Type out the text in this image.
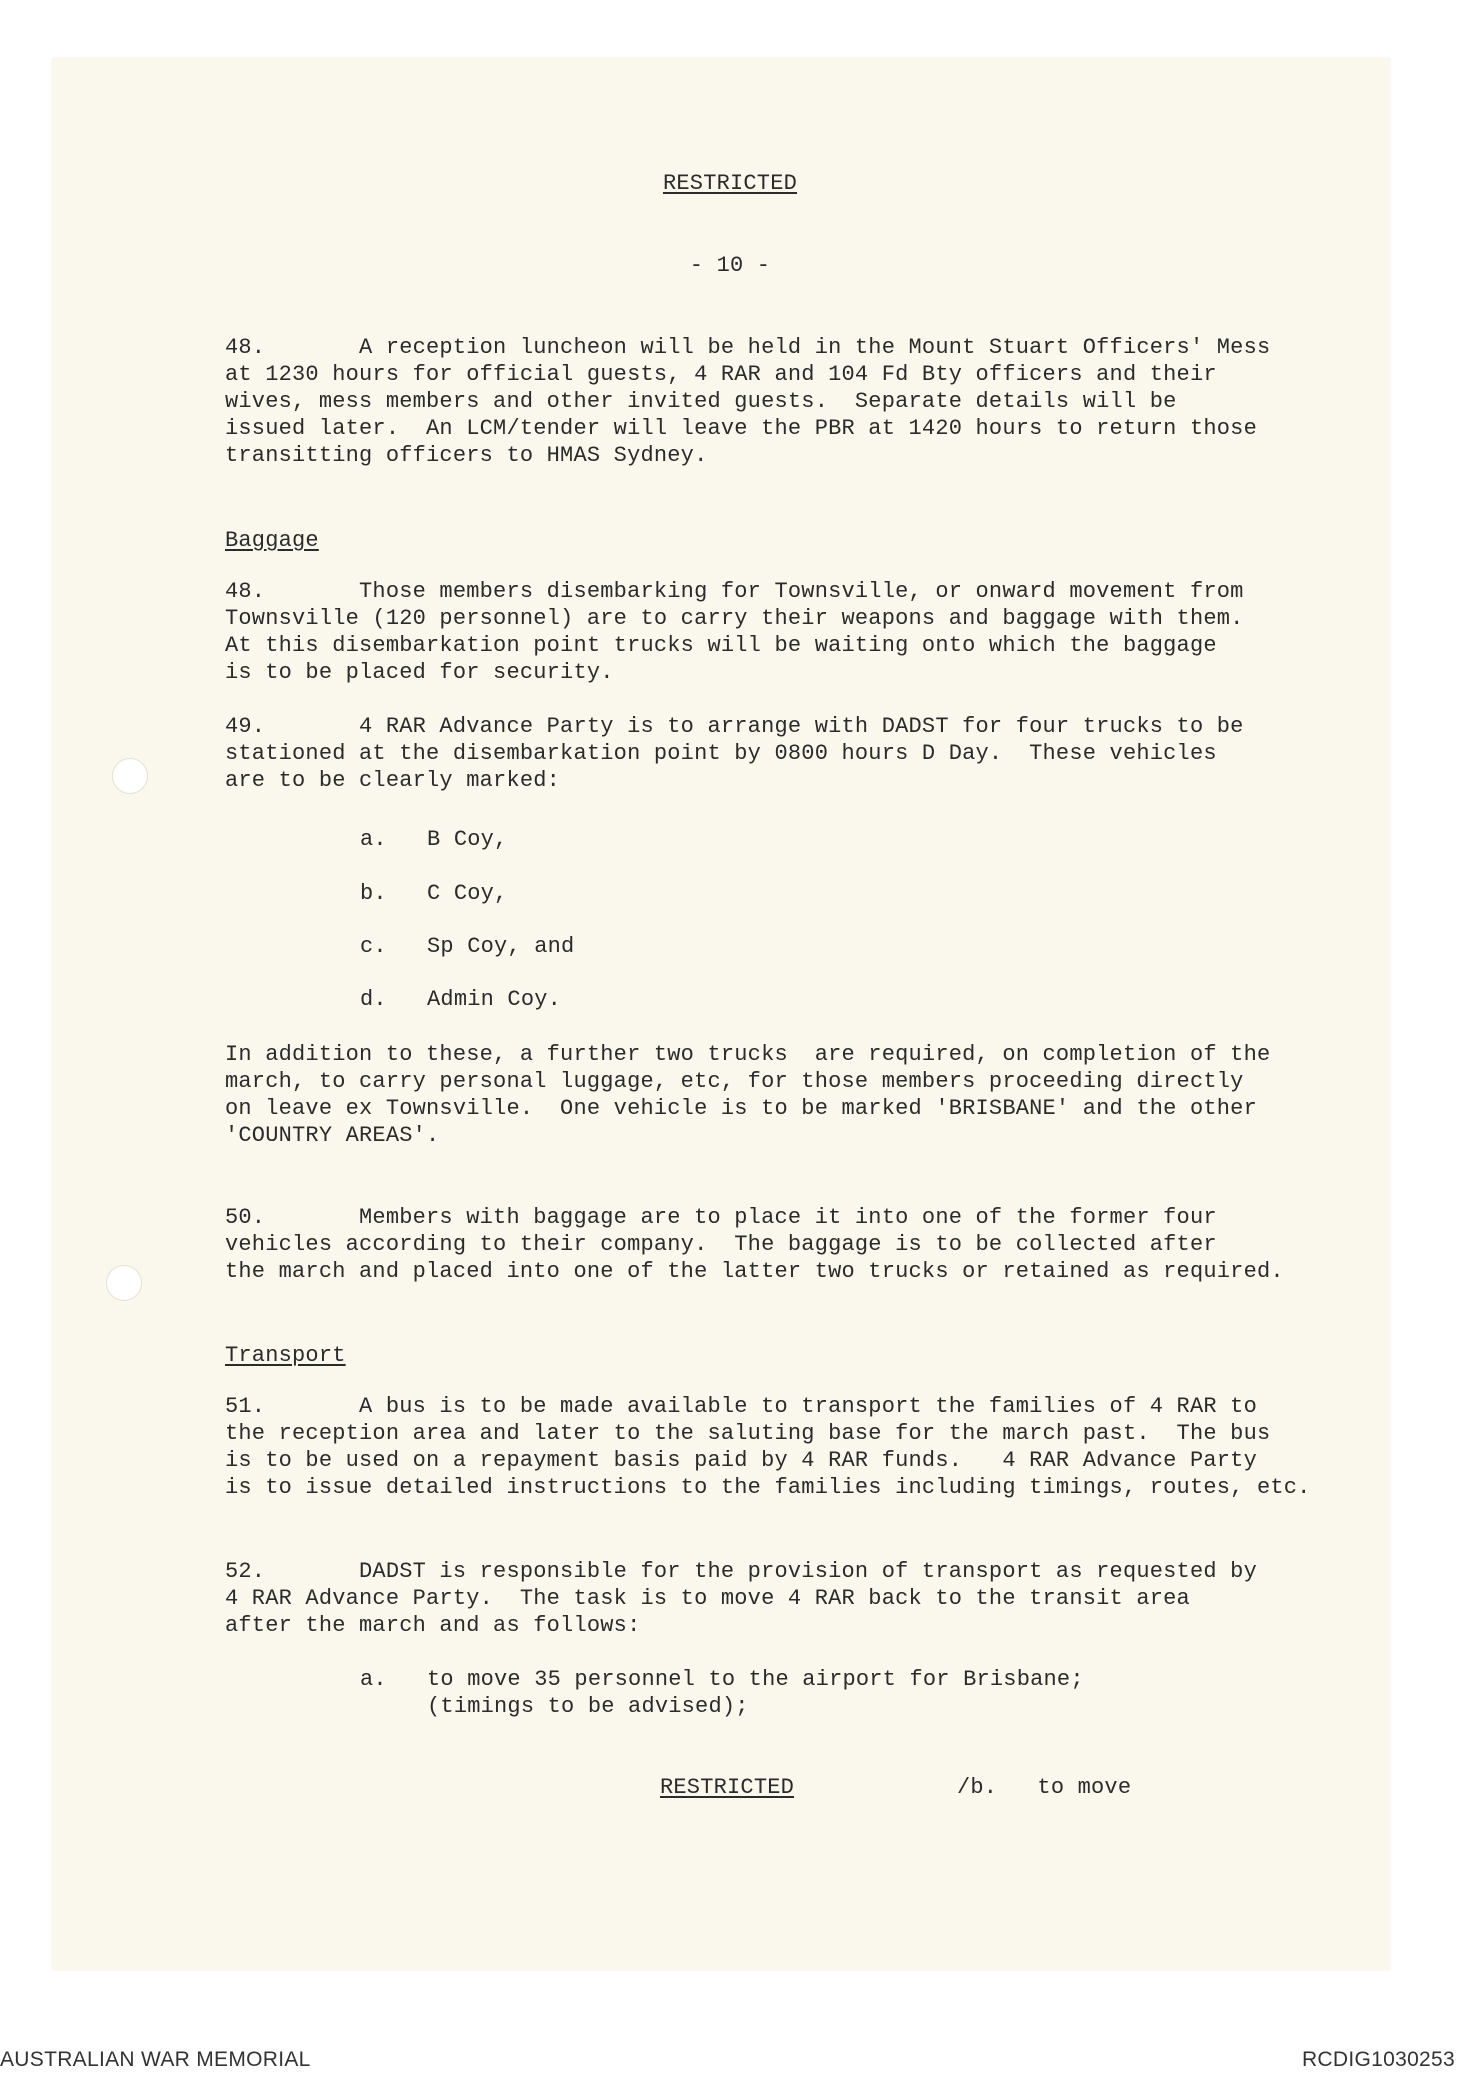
RESTRICTED
- 10 -
48.       A reception luncheon will be held in the Mount Stuart Officers' Mess
at 1230 hours for official guests, 4 RAR and 104 Fd Bty officers and their
wives, mess members and other invited guests.  Separate details will be
issued later.  An LCM/tender will leave the PBR at 1420 hours to return those
transitting officers to HMAS Sydney.
Baggage
48.       Those members disembarking for Townsville, or onward movement from
Townsville (120 personnel) are to carry their weapons and baggage with them.
At this disembarkation point trucks will be waiting onto which the baggage
is to be placed for security.
49.       4 RAR Advance Party is to arrange with DADST for four trucks to be
stationed at the disembarkation point by 0800 hours D Day.  These vehicles
are to be clearly marked:
a.   B Coy,
b.   C Coy,
c.   Sp Coy, and
d.   Admin Coy.
In addition to these, a further two trucks  are required, on completion of the
march, to carry personal luggage, etc, for those members proceeding directly
on leave ex Townsville.  One vehicle is to be marked 'BRISBANE' and the other
'COUNTRY AREAS'.
50.       Members with baggage are to place it into one of the former four
vehicles according to their company.  The baggage is to be collected after
the march and placed into one of the latter two trucks or retained as required.
Transport
51.       A bus is to be made available to transport the families of 4 RAR to
the reception area and later to the saluting base for the march past.  The bus
is to be used on a repayment basis paid by 4 RAR funds.   4 RAR Advance Party
is to issue detailed instructions to the families including timings, routes, etc.
52.       DADST is responsible for the provision of transport as requested by
4 RAR Advance Party.  The task is to move 4 RAR back to the transit area
after the march and as follows:
a.   to move 35 personnel to the airport for Brisbane;
(timings to be advised);
RESTRICTED	/b.   to move
AUSTRALIAN WAR MEMORIAL	RCDIG1030253
